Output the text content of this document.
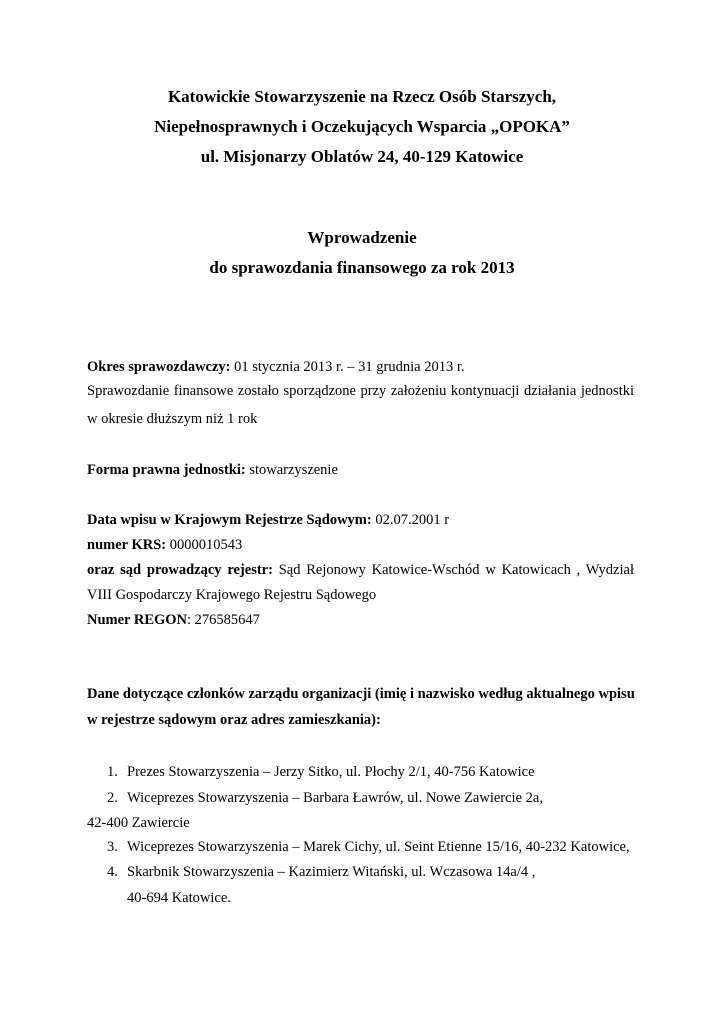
Katowickie Stowarzyszenie na Rzecz Osób Starszych,
Niepełnosprawnych i Oczekujących Wsparcia „OPOKA”
ul. Misjonarzy Oblatów 24, 40-129 Katowice
Wprowadzenie
do sprawozdania finansowego za rok 2013
Okres sprawozdawczy: 01 stycznia 2013 r. – 31 grudnia 2013 r.
Sprawozdanie finansowe zostało sporządzone przy założeniu kontynuacji działania jednostki
w okresie dłuższym niż 1 rok
Forma prawna jednostki: stowarzyszenie
Data wpisu w Krajowym Rejestrze Sądowym: 02.07.2001 r
numer KRS: 0000010543
oraz sąd prowadzący rejestr: Sąd Rejonowy Katowice-Wschód w Katowicach , Wydział
VIII Gospodarczy Krajowego Rejestru Sądowego
Numer REGON: 276585647
Dane dotyczące członków zarządu organizacji (imię i nazwisko według aktualnego wpisu
w rejestrze sądowym oraz adres zamieszkania):
1. Prezes Stowarzyszenia – Jerzy Sitko, ul. Płochy 2/1, 40-756 Katowice
2. Wiceprezes Stowarzyszenia – Barbara Ławrów, ul. Nowe Zawiercie 2a,
42-400 Zawiercie
3. Wiceprezes Stowarzyszenia – Marek Cichy, ul. Seint Etienne 15/16, 40-232 Katowice,
4. Skarbnik Stowarzyszenia – Kazimierz Witański, ul. Wczasowa 14a/4 ,
40-694 Katowice.
